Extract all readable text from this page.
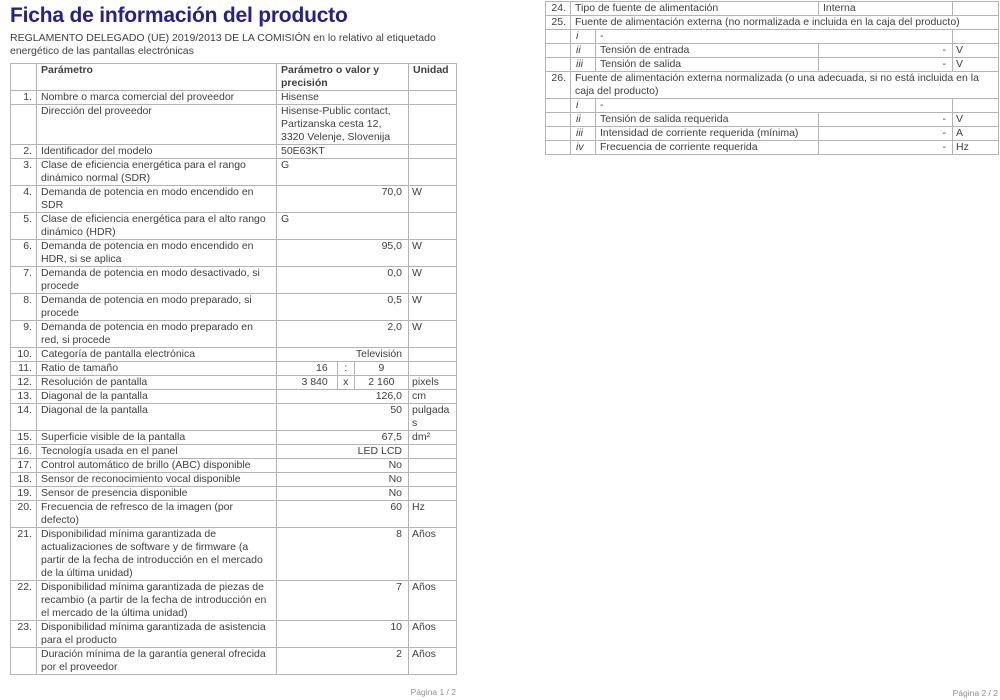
Ficha de información del producto
REGLAMENTO DELEGADO (UE) 2019/2013 DE LA COMISIÓN en lo relativo al etiquetado energético de las pantallas electrónicas
	Parámetro	Parámetro o valor y precisión	Unidad
1.	Nombre o marca comercial del proveedor	Hisense	
	Dirección del proveedor	Hisense-Public contact, Partizanska cesta 12, 3320 Velenje, Slovenija	
2.	Identificador del modelo	50E63KT	
3.	Clase de eficiencia energética para el rango dinámico normal (SDR)	G	
4.	Demanda de potencia en modo encendido en SDR	70,0	W
5.	Clase de eficiencia energética para el alto rango dinámico (HDR)	G	
6.	Demanda de potencia en modo encendido en HDR, si se aplica	95,0	W
7.	Demanda de potencia en modo desactivado, si procede	0,0	W
8.	Demanda de potencia en modo preparado, si procede	0,5	W
9.	Demanda de potencia en modo preparado en red, si procede	2,0	W
10.	Categoría de pantalla electrónica	Televisión	
11.	Ratio de tamaño	16 : 9	

12.	Resolución de pantalla	3 840 x 2 160	pixels
13.	Diagonal de la pantalla	126,0	cm
14.	Diagonal de la pantalla	50	pulgadas
15.	Superficie visible de la pantalla	67,5	dm²
16.	Tecnología usada en el panel	LED LCD	
17.	Control automático de brillo (ABC) disponible	No	
18.	Sensor de reconocimiento vocal disponible	No	
19.	Sensor de presencia disponible	No	
20.	Frecuencia de refresco de la imagen (por defecto)	60	Hz
21.	Disponibilidad mínima garantizada de actualizaciones de software y de firmware (a partir de la fecha de introducción en el mercado de la última unidad)	8	Años
22.	Disponibilidad mínima garantizada de piezas de recambio (a partir de la fecha de introducción en el mercado de la última unidad)	7	Años
23.	Disponibilidad mínima garantizada de asistencia para el producto	10	Años
	Duración mínima de la garantía general ofrecida por el proveedor	2	Años
24.	Tipo de fuente de alimentación		Interna	
25.	Fuente de alimentación externa (no normalizada e incluida en la caja del producto)			
	i	-		
	ii	Tensión de entrada	-	V
	iii	Tensión de salida	-	V
26.	Fuente de alimentación externa normalizada (o una adecuada, si no está incluida en la caja del producto)			
	i	-		
	ii	Tensión de salida requerida	-	V
	iii	Intensidad de corriente requerida (mínima)	-	A
	iv	Frecuencia de corriente requerida	-	Hz
Página 1 / 2	Página 2 / 2
